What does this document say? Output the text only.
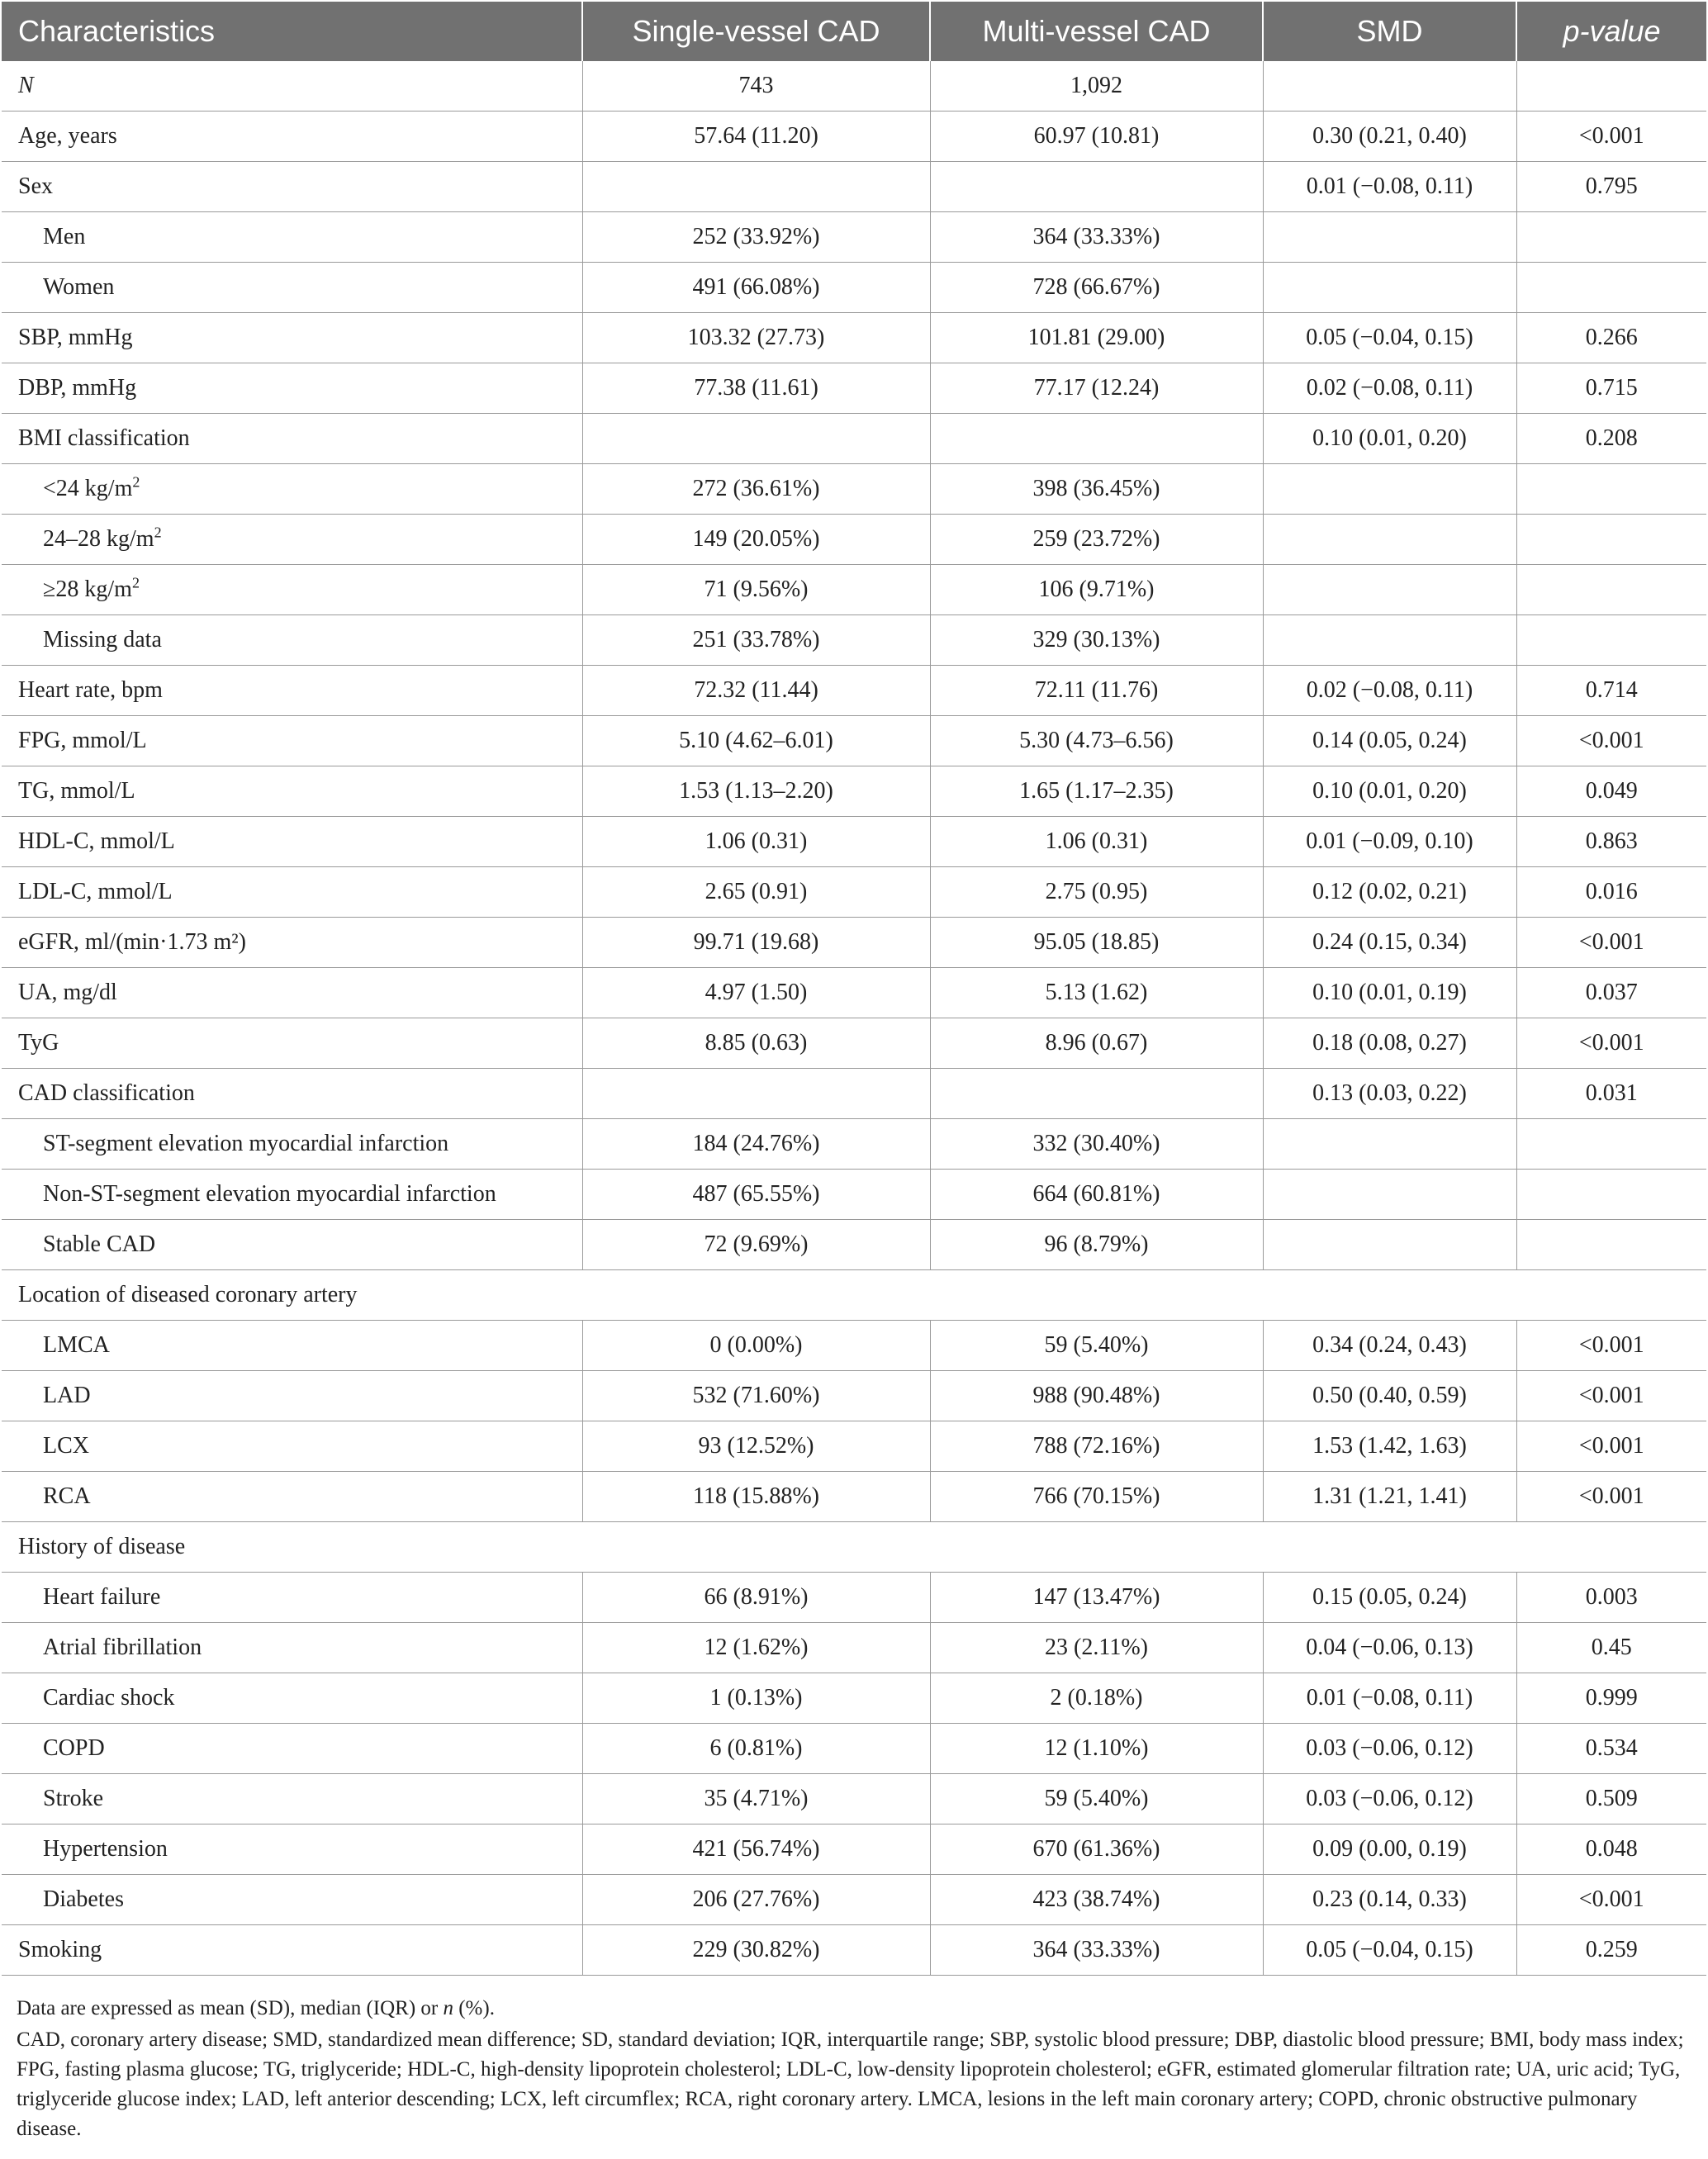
Characteristics	Single-vessel CAD	Multi-vessel CAD	SMD	p-value
N	743	1,092		
Age, years	57.64 (11.20)	60.97 (10.81)	0.30 (0.21, 0.40)	<0.001
Sex			0.01 (−0.08, 0.11)	0.795
Men	252 (33.92%)	364 (33.33%)		
Women	491 (66.08%)	728 (66.67%)		
SBP, mmHg	103.32 (27.73)	101.81 (29.00)	0.05 (−0.04, 0.15)	0.266
DBP, mmHg	77.38 (11.61)	77.17 (12.24)	0.02 (−0.08, 0.11)	0.715
BMI classification			0.10 (0.01, 0.20)	0.208
<24 $kg/m^2$	272 (36.61%)	398 (36.45%)		
24–28 $kg/m^2$	149 (20.05%)	259 (23.72%)		
≥28 $kg/m^2$	71 (9.56%)	106 (9.71%)		
Missing data	251 (33.78%)	329 (30.13%)		
Heart rate, bpm	72.32 (11.44)	72.11 (11.76)	0.02 (−0.08, 0.11)	0.714
FPG, mmol/L	5.10 (4.62–6.01)	5.30 (4.73–6.56)	0.14 (0.05, 0.24)	<0.001
TG, mmol/L	1.53 (1.13–2.20)	1.65 (1.17–2.35)	0.10 (0.01, 0.20)	0.049
HDL-C, mmol/L	1.06 (0.31)	1.06 (0.31)	0.01 (−0.09, 0.10)	0.863
LDL-C, mmol/L	2.65 (0.91)	2.75 (0.95)	0.12 (0.02, 0.21)	0.016
eGFR, ml/(min·1.73 m²)	99.71 (19.68)	95.05 (18.85)	0.24 (0.15, 0.34)	<0.001
UA, mg/dl	4.97 (1.50)	5.13 (1.62)	0.10 (0.01, 0.19)	0.037
TyG	8.85 (0.63)	8.96 (0.67)	0.18 (0.08, 0.27)	<0.001
CAD classification			0.13 (0.03, 0.22)	0.031
ST-segment elevation myocardial infarction	184 (24.76%)	332 (30.40%)		
Non-ST-segment elevation myocardial infarction	487 (65.55%)	664 (60.81%)		
Stable CAD	72 (9.69%)	96 (8.79%)		
Location of diseased coronary artery				
LMCA	0 (0.00%)	59 (5.40%)	0.34 (0.24, 0.43)	<0.001
LAD	532 (71.60%)	988 (90.48%)	0.50 (0.40, 0.59)	<0.001
LCX	93 (12.52%)	788 (72.16%)	1.53 (1.42, 1.63)	<0.001
RCA	118 (15.88%)	766 (70.15%)	1.31 (1.21, 1.41)	<0.001
History of disease				
Heart failure	66 (8.91%)	147 (13.47%)	0.15 (0.05, 0.24)	0.003
Atrial fibrillation	12 (1.62%)	23 (2.11%)	0.04 (−0.06, 0.13)	0.45
Cardiac shock	1 (0.13%)	2 (0.18%)	0.01 (−0.08, 0.11)	0.999
COPD	6 (0.81%)	12 (1.10%)	0.03 (−0.06, 0.12)	0.534
Stroke	35 (4.71%)	59 (5.40%)	0.03 (−0.06, 0.12)	0.509
Hypertension	421 (56.74%)	670 (61.36%)	0.09 (0.00, 0.19)	0.048
Diabetes	206 (27.76%)	423 (38.74%)	0.23 (0.14, 0.33)	<0.001
Smoking	229 (30.82%)	364 (33.33%)	0.05 (−0.04, 0.15)	0.259

Data are expressed as mean (SD), median (IQR) or n (%).

CAD, coronary artery disease; SMD, standardized mean difference; SD, standard deviation; IQR, interquartile range; SBP, systolic blood pressure; DBP, diastolic blood pressure; BMI, body mass index; FPG, fasting plasma glucose; TG, triglyceride; HDL-C, high-density lipoprotein cholesterol; LDL-C, low-density lipoprotein cholesterol; eGFR, estimated glomerular filtration rate; UA, uric acid; TyG, triglyceride glucose index; LAD, left anterior descending; LCX, left circumflex; RCA, right coronary artery. LMCA, lesions in the left main coronary artery; COPD, chronic obstructive pulmonary disease.
